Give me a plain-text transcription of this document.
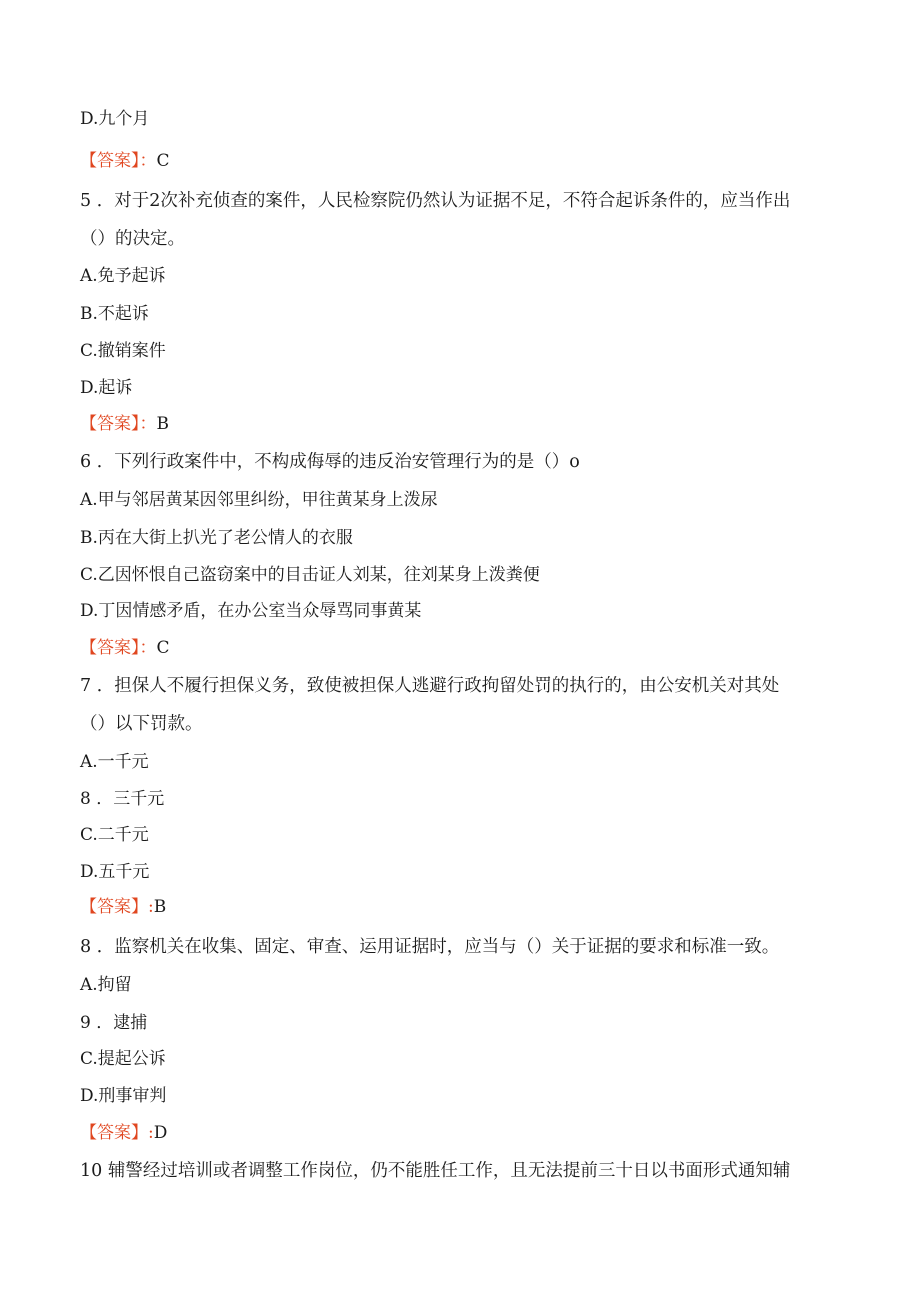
D.九个月
【答案】：C
5 ．对于2次补充侦查的案件，人民检察院仍然认为证据不足，不符合起诉条件的，应当作出
（）的决定。
A.免予起诉
B.不起诉
C.撤销案件
D.起诉
【答案】：B
6 ．下列行政案件中，不构成侮辱的违反治安管理行为的是（）o
A.甲与邻居黄某因邻里纠纷，甲往黄某身上泼尿
B.丙在大街上扒光了老公情人的衣服
C.乙因怀恨自己盗窃案中的目击证人刘某，往刘某身上泼粪便
D.丁因情感矛盾，在办公室当众辱骂同事黄某
【答案】：C
7 ．担保人不履行担保义务，致使被担保人逃避行政拘留处罚的执行的，由公安机关对其处
（）以下罚款。
A.一千元
8 ．三千元
C.二千元
D.五千元
【答案】:B
8 ．监察机关在收集、固定、审查、运用证据时，应当与（）关于证据的要求和标准一致。
A.拘留
9 ．逮捕
C.提起公诉
D.刑事审判
【答案】:D
10 辅警经过培训或者调整工作岗位，仍不能胜任工作，且无法提前三十日以书面形式通知辅
